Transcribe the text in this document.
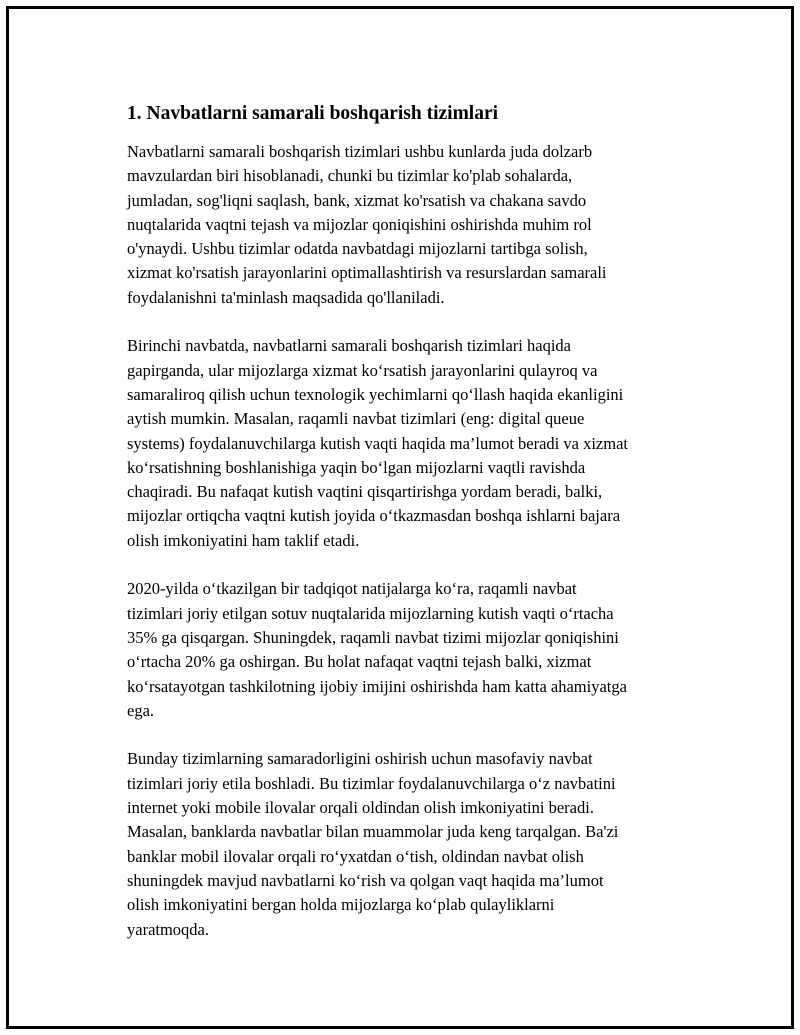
1. Navbatlarni samarali boshqarish tizimlari

Navbatlarni samarali boshqarish tizimlari ushbu kunlarda juda dolzarb
mavzulardan biri hisoblanadi, chunki bu tizimlar ko'plab sohalarda,
jumladan, sog'liqni saqlash, bank, xizmat ko'rsatish va chakana savdo
nuqtalarida vaqtni tejash va mijozlar qoniqishini oshirishda muhim rol
o'ynaydi. Ushbu tizimlar odatda navbatdagi mijozlarni tartibga solish,
xizmat ko'rsatish jarayonlarini optimallashtirish va resurslardan samarali
foydalanishni ta'minlash maqsadida qo'llaniladi.

Birinchi navbatda, navbatlarni samarali boshqarish tizimlari haqida
gapirganda, ular mijozlarga xizmat ko‘rsatish jarayonlarini qulayroq va
samaraliroq qilish uchun texnologik yechimlarni qo‘llash haqida ekanligini
aytish mumkin. Masalan, raqamli navbat tizimlari (eng: digital queue
systems) foydalanuvchilarga kutish vaqti haqida ma’lumot beradi va xizmat
ko‘rsatishning boshlanishiga yaqin bo‘lgan mijozlarni vaqtli ravishda
chaqiradi. Bu nafaqat kutish vaqtini qisqartirishga yordam beradi, balki,
mijozlar ortiqcha vaqtni kutish joyida o‘tkazmasdan boshqa ishlarni bajara
olish imkoniyatini ham taklif etadi.

2020-yilda o‘tkazilgan bir tadqiqot natijalarga ko‘ra, raqamli navbat
tizimlari joriy etilgan sotuv nuqtalarida mijozlarning kutish vaqti o‘rtacha
35% ga qisqargan. Shuningdek, raqamli navbat tizimi mijozlar qoniqishini
o‘rtacha 20% ga oshirgan. Bu holat nafaqat vaqtni tejash balki, xizmat
ko‘rsatayotgan tashkilotning ijobiy imijini oshirishda ham katta ahamiyatga
ega.

Bunday tizimlarning samaradorligini oshirish uchun masofaviy navbat
tizimlari joriy etila boshladi. Bu tizimlar foydalanuvchilarga o‘z navbatini
internet yoki mobile ilovalar orqali oldindan olish imkoniyatini beradi.
Masalan, banklarda navbatlar bilan muammolar juda keng tarqalgan. Ba'zi
banklar mobil ilovalar orqali ro‘yxatdan o‘tish, oldindan navbat olish
shuningdek mavjud navbatlarni ko‘rish va qolgan vaqt haqida ma’lumot
olish imkoniyatini bergan holda mijozlarga ko‘plab qulayliklarni
yaratmoqda.
